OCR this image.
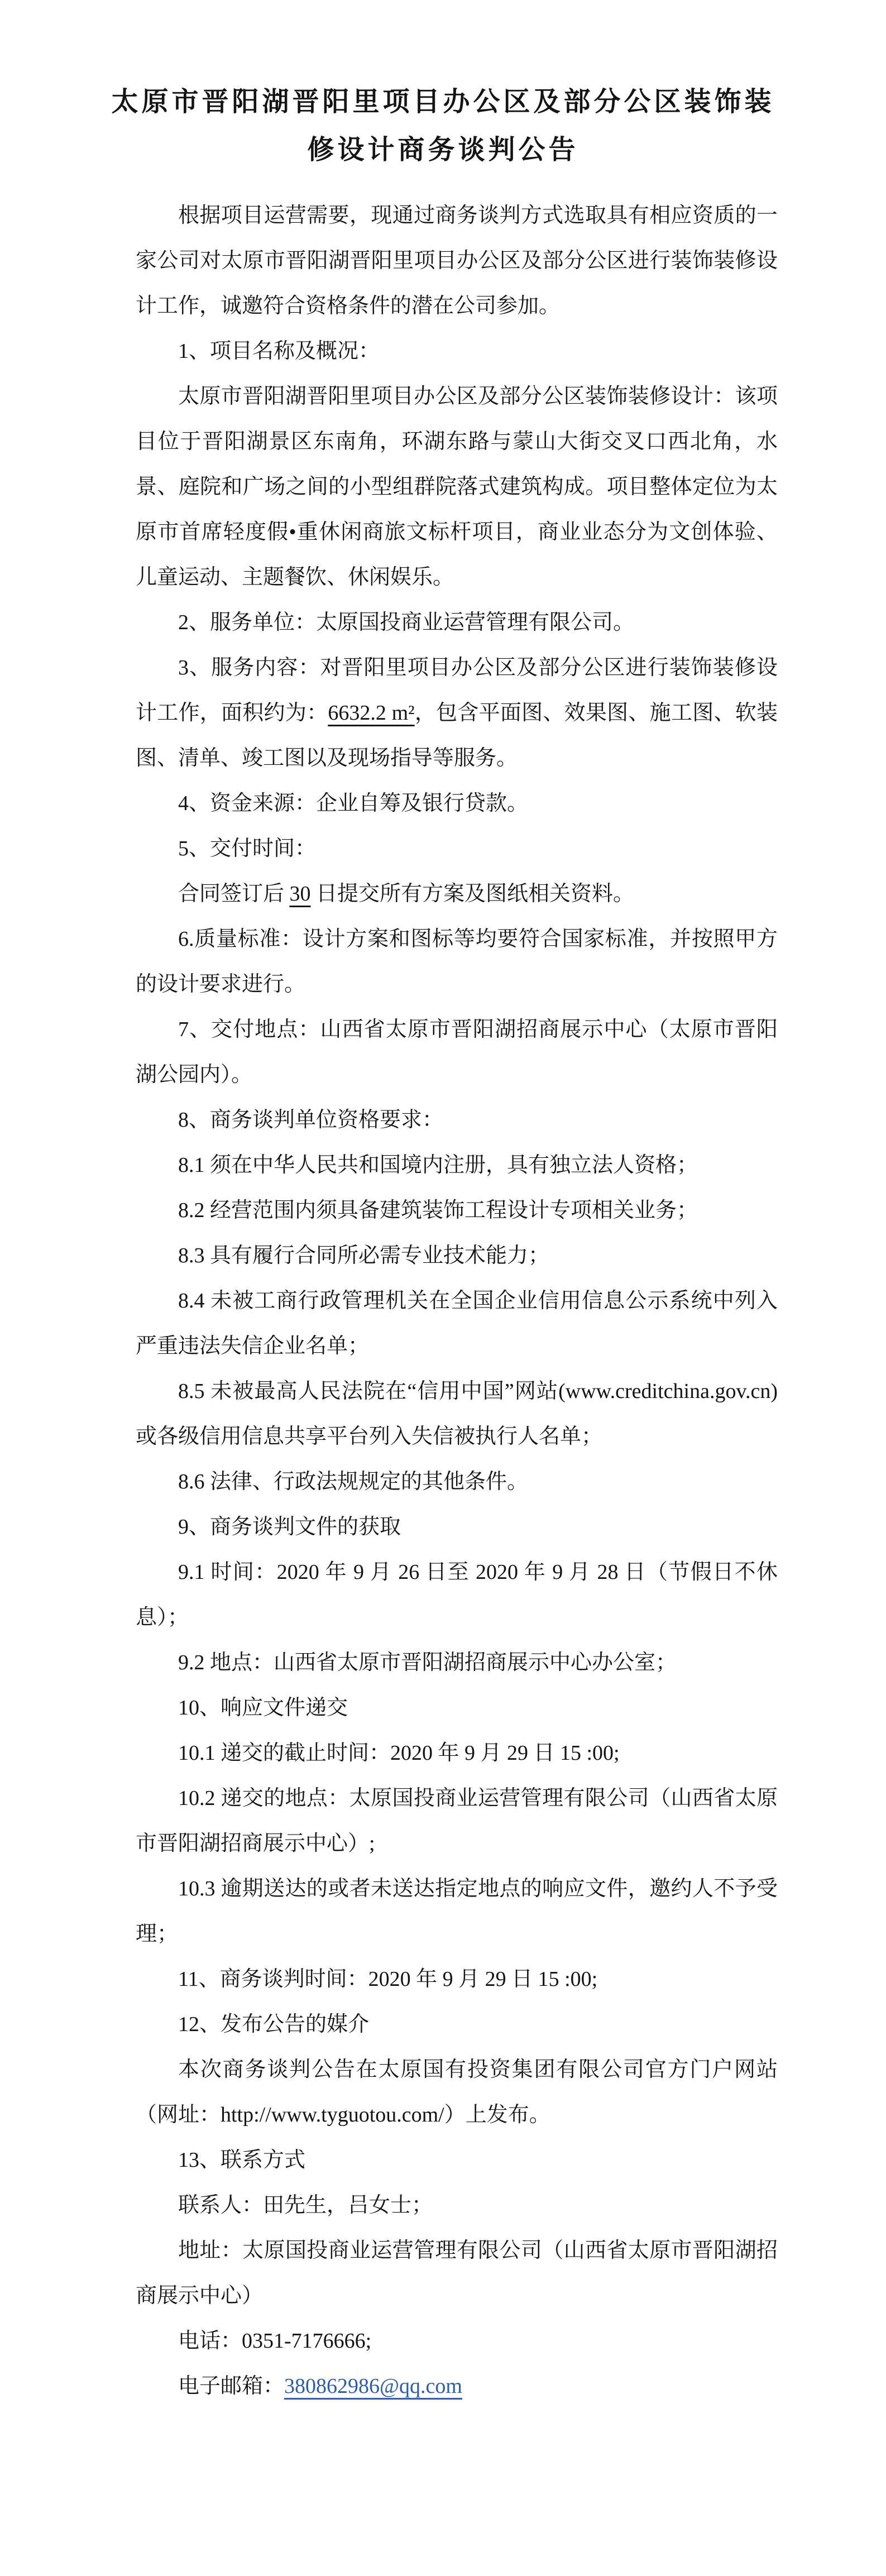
太原市晋阳湖晋阳里项目办公区及部分公区装饰装修设计商务谈判公告

根据项目运营需要，现通过商务谈判方式选取具有相应资质的一家公司对太原市晋阳湖晋阳里项目办公区及部分公区进行装饰装修设计工作，诚邀符合资格条件的潜在公司参加。

1、项目名称及概况：

太原市晋阳湖晋阳里项目办公区及部分公区装饰装修设计：该项目位于晋阳湖景区东南角，环湖东路与蒙山大街交叉口西北角，水景、庭院和广场之间的小型组群院落式建筑构成。项目整体定位为太原市首席轻度假•重休闲商旅文标杆项目，商业业态分为文创体验、儿童运动、主题餐饮、休闲娱乐。

2、服务单位：太原国投商业运营管理有限公司。

3、服务内容：对晋阳里项目办公区及部分公区进行装饰装修设计工作，面积约为：6632.2 m²，包含平面图、效果图、施工图、软装图、清单、竣工图以及现场指导等服务。

4、资金来源：企业自筹及银行贷款。

5、交付时间：

合同签订后 30 日提交所有方案及图纸相关资料。

6.质量标准：设计方案和图标等均要符合国家标准，并按照甲方的设计要求进行。

7、交付地点：山西省太原市晋阳湖招商展示中心（太原市晋阳湖公园内）。

8、商务谈判单位资格要求：

8.1 须在中华人民共和国境内注册，具有独立法人资格；

8.2 经营范围内须具备建筑装饰工程设计专项相关业务；

8.3 具有履行合同所必需专业技术能力；

8.4 未被工商行政管理机关在全国企业信用信息公示系统中列入严重违法失信企业名单；

8.5 未被最高人民法院在“信用中国”网站(www.creditchina.gov.cn)或各级信用信息共享平台列入失信被执行人名单；

8.6 法律、行政法规规定的其他条件。

9、商务谈判文件的获取

9.1 时间：2020 年 9 月 26 日至 2020 年 9 月 28 日（节假日不休息）；

9.2 地点：山西省太原市晋阳湖招商展示中心办公室；

10、响应文件递交

10.1 递交的截止时间：2020 年 9 月 29 日 15 :00;

10.2 递交的地点：太原国投商业运营管理有限公司（山西省太原市晋阳湖招商展示中心）;

10.3 逾期送达的或者未送达指定地点的响应文件，邀约人不予受理；

11、商务谈判时间：2020 年 9 月 29 日 15 :00;

12、发布公告的媒介

本次商务谈判公告在太原国有投资集团有限公司官方门户网站（网址：http://www.tyguotou.com/）上发布。

13、联系方式

联系人：田先生，吕女士；

地址：太原国投商业运营管理有限公司（山西省太原市晋阳湖招商展示中心）

电话：0351-7176666;

电子邮箱：380862986@qq.com
